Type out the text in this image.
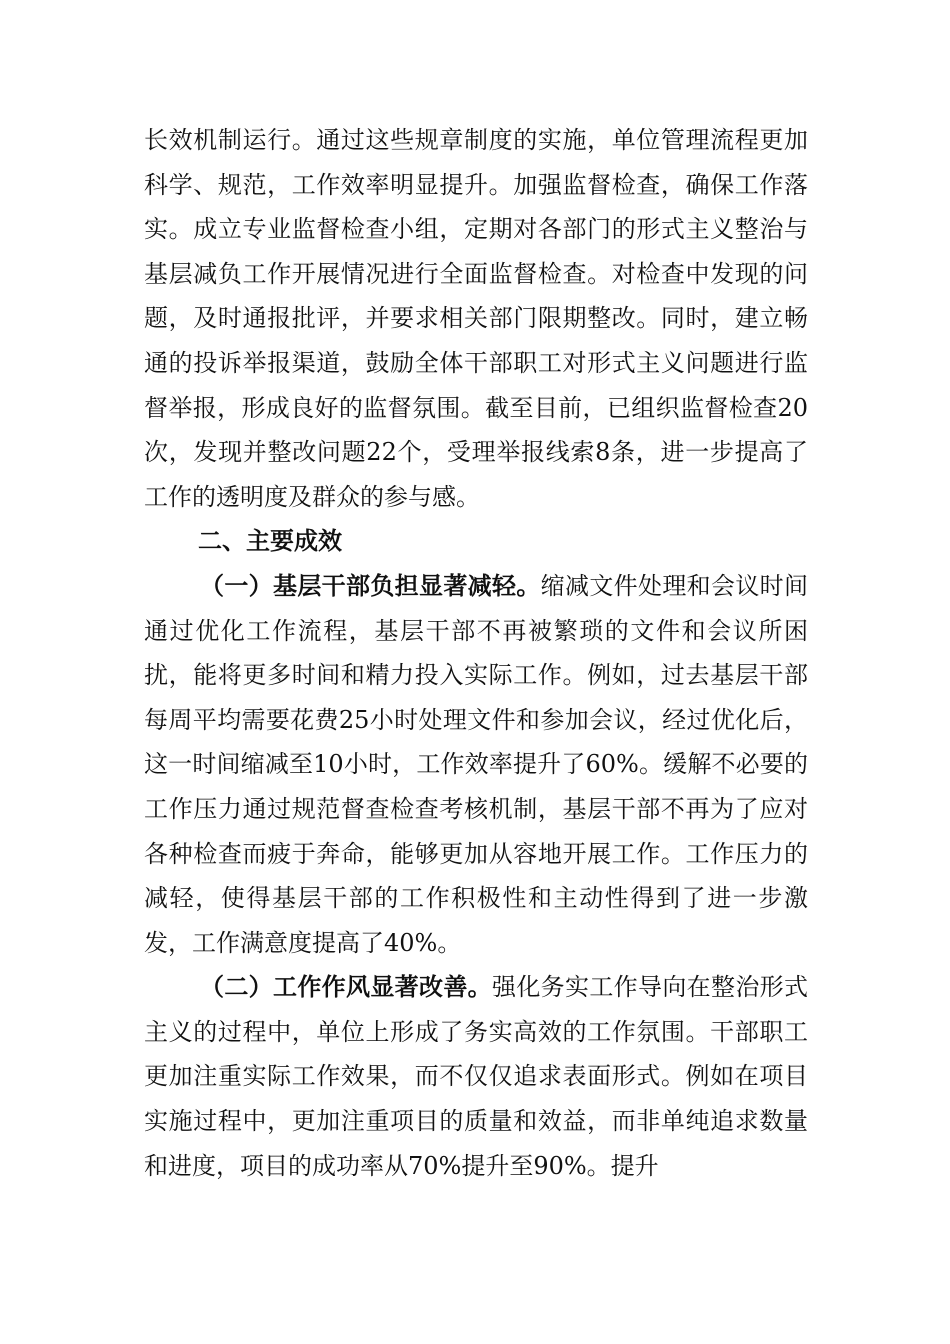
长效机制运行。通过这些规章制度的实施，单位管理流程更加科学、规范，工作效率明显提升。加强监督检查，确保工作落实。成立专业监督检查小组，定期对各部门的形式主义整治与基层减负工作开展情况进行全面监督检查。对检查中发现的问题，及时通报批评，并要求相关部门限期整改。同时，建立畅通的投诉举报渠道，鼓励全体干部职工对形式主义问题进行监督举报，形成良好的监督氛围。截至目前，已组织监督检查20次，发现并整改问题22个，受理举报线索8条，进一步提高了工作的透明度及群众的参与感。

二、主要成效

（一）基层干部负担显著减轻。缩减文件处理和会议时间通过优化工作流程，基层干部不再被繁琐的文件和会议所困扰，能将更多时间和精力投入实际工作。例如，过去基层干部每周平均需要花费25小时处理文件和参加会议，经过优化后，这一时间缩减至10小时，工作效率提升了60%。缓解不必要的工作压力通过规范督查检查考核机制，基层干部不再为了应对各种检查而疲于奔命，能够更加从容地开展工作。工作压力的减轻，使得基层干部的工作积极性和主动性得到了进一步激发，工作满意度提高了40%。

（二）工作作风显著改善。强化务实工作导向在整治形式主义的过程中，单位上形成了务实高效的工作氛围。干部职工更加注重实际工作效果，而不仅仅追求表面形式。例如在项目实施过程中，更加注重项目的质量和效益，而非单纯追求数量和进度，项目的成功率从70%提升至90%。提升
